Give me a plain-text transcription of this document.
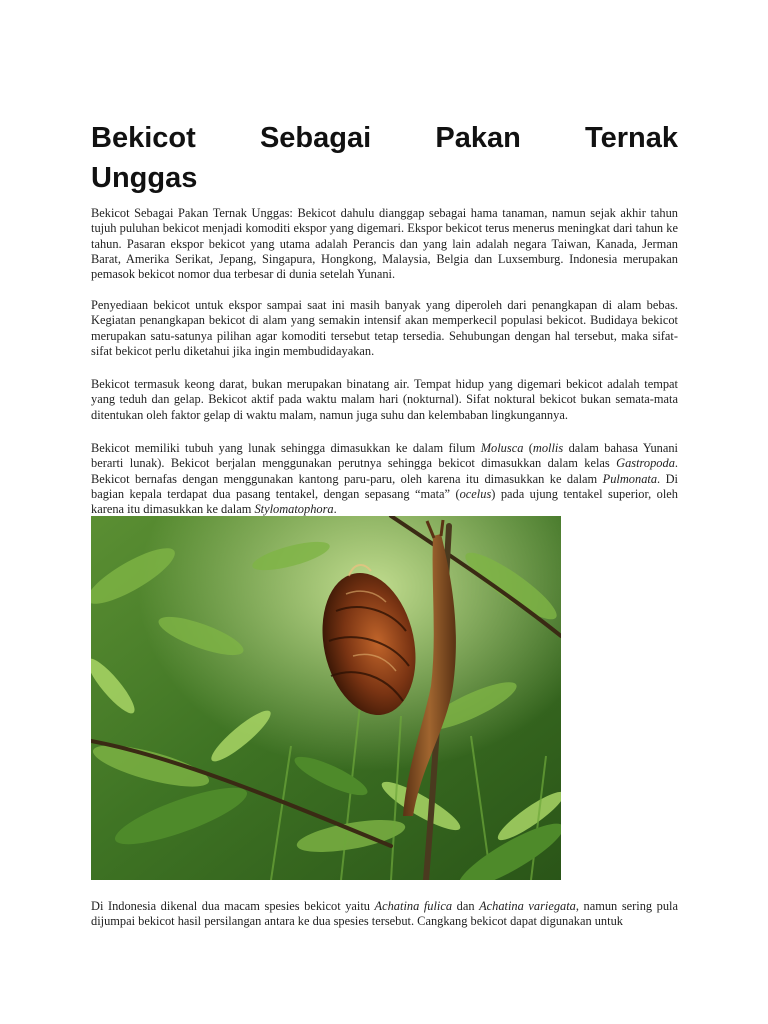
Bekicot Sebagai Pakan Ternak
Unggas

Bekicot Sebagai Pakan Ternak Unggas: Bekicot dahulu dianggap sebagai hama tanaman, namun sejak akhir tahun tujuh puluhan bekicot menjadi komoditi ekspor yang digemari. Ekspor bekicot terus menerus meningkat dari tahun ke tahun. Pasaran ekspor bekicot yang utama adalah Perancis dan yang lain adalah negara Taiwan, Kanada, Jerman Barat, Amerika Serikat, Jepang, Singapura, Hongkong, Malaysia, Belgia dan Luxsemburg. Indonesia merupakan pemasok bekicot nomor dua terbesar di dunia setelah Yunani.

Penyediaan bekicot untuk ekspor sampai saat ini masih banyak yang diperoleh dari penangkapan di alam bebas. Kegiatan penangkapan bekicot di alam yang semakin intensif akan memperkecil populasi bekicot. Budidaya bekicot merupakan satu-satunya pilihan agar komoditi tersebut tetap tersedia. Sehubungan dengan hal tersebut, maka sifat-sifat bekicot perlu diketahui jika ingin membudidayakan.

Bekicot termasuk keong darat, bukan merupakan binatang air. Tempat hidup yang digemari bekicot adalah tempat yang teduh dan gelap. Bekicot aktif pada waktu malam hari (nokturnal). Sifat noktural bekicot bukan semata-mata ditentukan oleh faktor gelap di waktu malam, namun juga suhu dan kelembaban lingkungannya.

Bekicot memiliki tubuh yang lunak sehingga dimasukkan ke dalam filum Molusca (mollis dalam bahasa Yunani berarti lunak). Bekicot berjalan menggunakan perutnya sehingga bekicot dimasukkan dalam kelas Gastropoda. Bekicot bernafas dengan menggunakan kantong paru-paru, oleh karena itu dimasukkan ke dalam Pulmonata. Di bagian kepala terdapat dua pasang tentakel, dengan sepasang “mata” (ocelus) pada ujung tentakel superior, oleh karena itu dimasukkan ke dalam Stylomatophora.

Di Indonesia dikenal dua macam spesies bekicot yaitu Achatina fulica dan Achatina variegata, namun sering pula dijumpai bekicot hasil persilangan antara ke dua spesies tersebut. Cangkang bekicot dapat digunakan untuk
